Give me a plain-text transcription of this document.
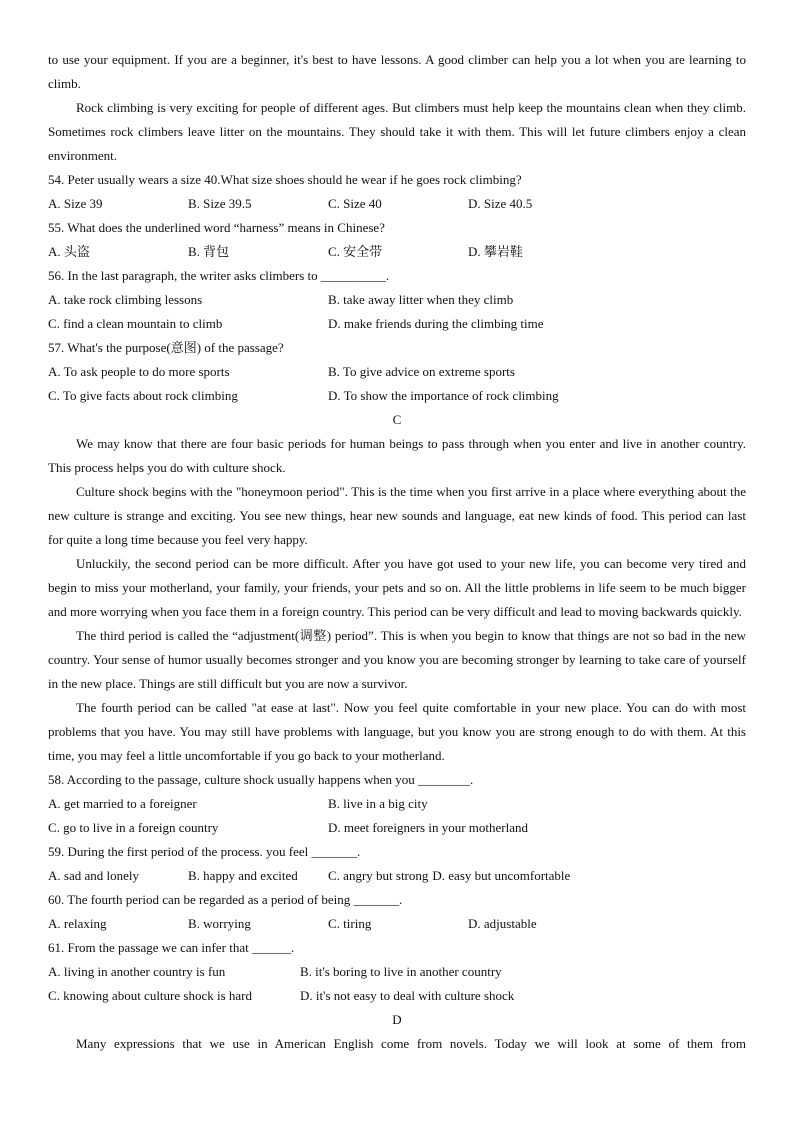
to use your equipment. If you are a beginner, it's best to have lessons. A good climber can help you a lot when you are learning to climb.

Rock climbing is very exciting for people of different ages. But climbers must help keep the mountains clean when they climb. Sometimes rock climbers leave litter on the mountains. They should take it with them. This will let future climbers enjoy a clean environment.

54. Peter usually wears a size 40.What size shoes should he wear if he goes rock climbing?
A. Size 39	B. Size 39.5	C. Size 40	D. Size 40.5
55. What does the underlined word “harness” means in Chinese?
A. 头盗	B. 背包	C. 安全带	D. 攀岩鞋
56. In the last paragraph, the writer asks climbers to __________.
A. take rock climbing lessons	B. take away litter when they climb
C. find a clean mountain to climb	D. make friends during the climbing time
57. What's the purpose(意图) of the passage?
A. To ask people to do more sports	B. To give advice on extreme sports
C. To give facts about rock climbing	D. To show the importance of rock climbing
C

We may know that there are four basic periods for human beings to pass through when you enter and live in another country. This process helps you do with culture shock.

Culture shock begins with the "honeymoon period". This is the time when you first arrive in a place where everything about the new culture is strange and exciting. You see new things, hear new sounds and language, eat new kinds of food. This period can last for quite a long time because you feel very happy.

Unluckily, the second period can be more difficult. After you have got used to your new life, you can become very tired and begin to miss your motherland, your family, your friends, your pets and so on. All the little problems in life seem to be much bigger and more worrying when you face them in a foreign country. This period can be very difficult and lead to moving backwards quickly.

The third period is called the “adjustment(调整) period”. This is when you begin to know that things are not so bad in the new country. Your sense of humor usually becomes stronger and you know you are becoming stronger by learning to take care of yourself in the new place. Things are still difficult but you are now a survivor.

The fourth period can be called "at ease at last". Now you feel quite comfortable in your new place. You can do with most problems that you have. You may still have problems with language, but you know you are strong enough to do with them. At this time, you may feel a little uncomfortable if you go back to your motherland.

58. According to the passage, culture shock usually happens when you ________.
A. get married to a foreigner	B. live in a big city
C. go to live in a foreign country	D. meet foreigners in your motherland
59. During the first period of the process. you feel _______.
A. sad and lonely	B. happy and excited	C. angry but strong D. easy but uncomfortable
60. The fourth period can be regarded as a period of being _______.
A. relaxing	B. worrying	C. tiring	D. adjustable
61. From the passage we can infer that ______.
A. living in another country is fun	B. it's boring to live in another country
C. knowing about culture shock is hard	D. it's not easy to deal with culture shock
D

Many expressions that we use in American English come from novels. Today we will look at some of them from
